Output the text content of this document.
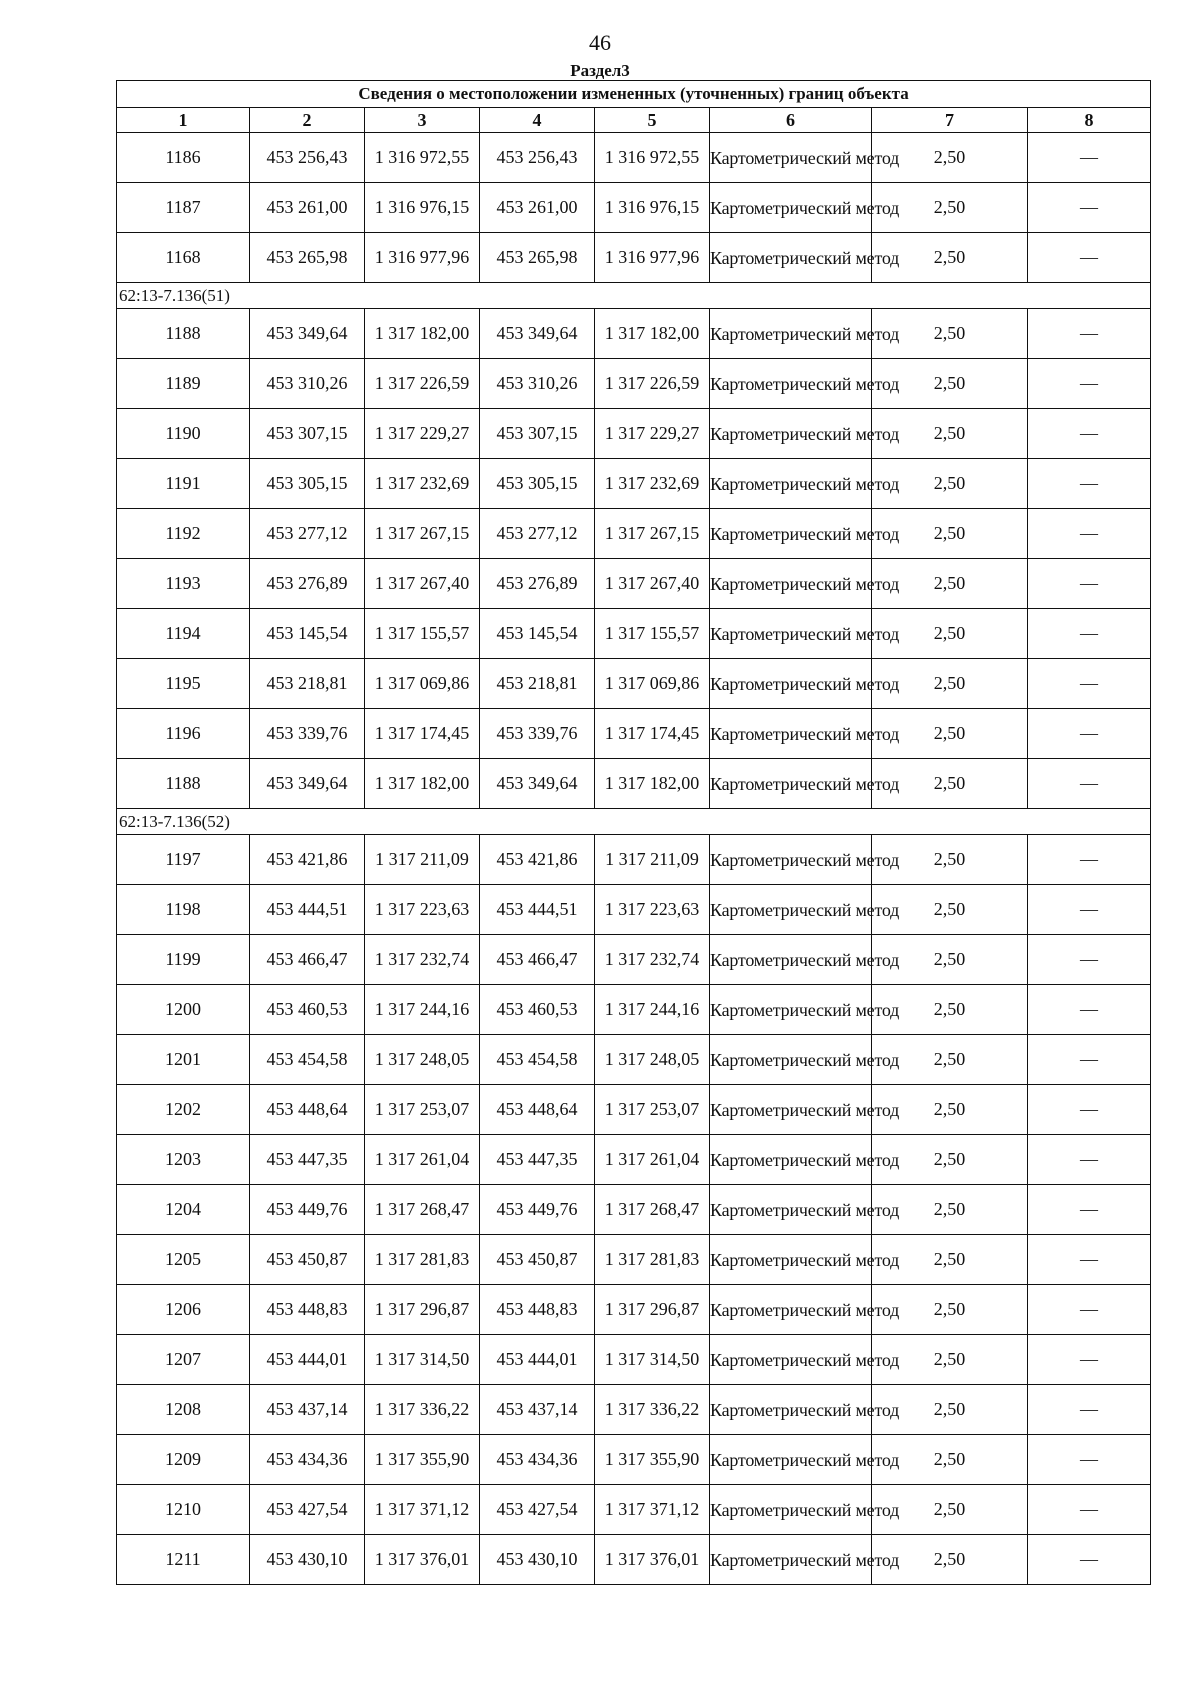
46
Раздел3
Сведения о местоположении измененных (уточненных) границ объекта							
1	2	3	4	5	6	7	8
1186	453 256,43	1 316 972,55	453 256,43	1 316 972,55	Картометрический метод	2,50	—
1187	453 261,00	1 316 976,15	453 261,00	1 316 976,15	Картометрический метод	2,50	—
1168	453 265,98	1 316 977,96	453 265,98	1 316 977,96	Картометрический метод	2,50	—
62:13-7.136(51)							
1188	453 349,64	1 317 182,00	453 349,64	1 317 182,00	Картометрический метод	2,50	—
1189	453 310,26	1 317 226,59	453 310,26	1 317 226,59	Картометрический метод	2,50	—
1190	453 307,15	1 317 229,27	453 307,15	1 317 229,27	Картометрический метод	2,50	—
1191	453 305,15	1 317 232,69	453 305,15	1 317 232,69	Картометрический метод	2,50	—
1192	453 277,12	1 317 267,15	453 277,12	1 317 267,15	Картометрический метод	2,50	—
1193	453 276,89	1 317 267,40	453 276,89	1 317 267,40	Картометрический метод	2,50	—
1194	453 145,54	1 317 155,57	453 145,54	1 317 155,57	Картометрический метод	2,50	—
1195	453 218,81	1 317 069,86	453 218,81	1 317 069,86	Картометрический метод	2,50	—
1196	453 339,76	1 317 174,45	453 339,76	1 317 174,45	Картометрический метод	2,50	—
1188	453 349,64	1 317 182,00	453 349,64	1 317 182,00	Картометрический метод	2,50	—
62:13-7.136(52)							
1197	453 421,86	1 317 211,09	453 421,86	1 317 211,09	Картометрический метод	2,50	—
1198	453 444,51	1 317 223,63	453 444,51	1 317 223,63	Картометрический метод	2,50	—
1199	453 466,47	1 317 232,74	453 466,47	1 317 232,74	Картометрический метод	2,50	—
1200	453 460,53	1 317 244,16	453 460,53	1 317 244,16	Картометрический метод	2,50	—
1201	453 454,58	1 317 248,05	453 454,58	1 317 248,05	Картометрический метод	2,50	—
1202	453 448,64	1 317 253,07	453 448,64	1 317 253,07	Картометрический метод	2,50	—
1203	453 447,35	1 317 261,04	453 447,35	1 317 261,04	Картометрический метод	2,50	—
1204	453 449,76	1 317 268,47	453 449,76	1 317 268,47	Картометрический метод	2,50	—
1205	453 450,87	1 317 281,83	453 450,87	1 317 281,83	Картометрический метод	2,50	—
1206	453 448,83	1 317 296,87	453 448,83	1 317 296,87	Картометрический метод	2,50	—
1207	453 444,01	1 317 314,50	453 444,01	1 317 314,50	Картометрический метод	2,50	—
1208	453 437,14	1 317 336,22	453 437,14	1 317 336,22	Картометрический метод	2,50	—
1209	453 434,36	1 317 355,90	453 434,36	1 317 355,90	Картометрический метод	2,50	—
1210	453 427,54	1 317 371,12	453 427,54	1 317 371,12	Картометрический метод	2,50	—
1211	453 430,10	1 317 376,01	453 430,10	1 317 376,01	Картометрический метод	2,50	—
